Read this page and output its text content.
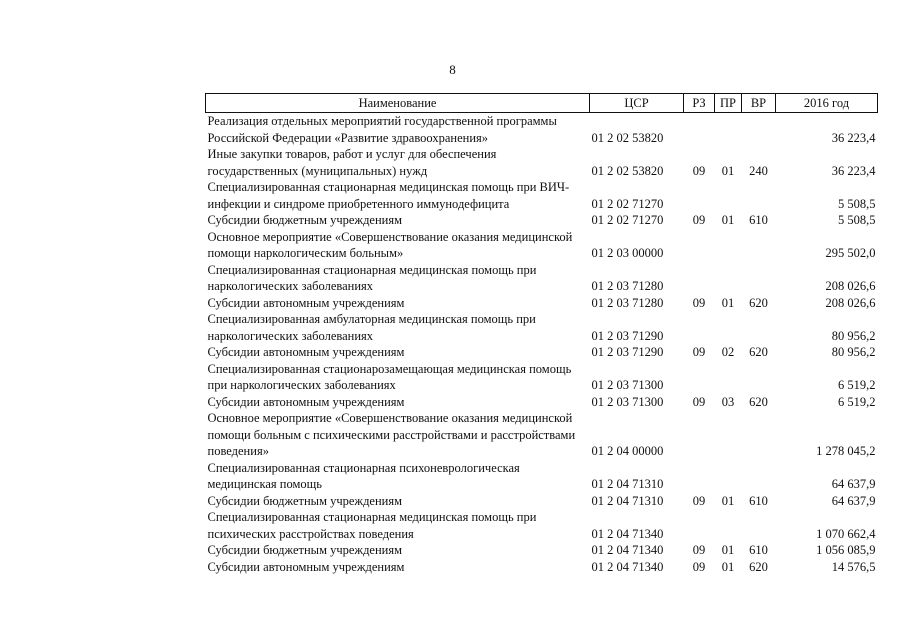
8
Наименование	ЦСР	РЗ	ПР	ВР	2016 год
Реализация отдельных мероприятий государственной программы Российской Федерации «Развитие здравоохранения»	01 2 02 53820				36 223,4
Иные закупки товаров, работ и услуг для обеспечения государственных (муниципальных) нужд	01 2 02 53820	09	01	240	36 223,4
Специализированная стационарная медицинская помощь при ВИЧ-инфекции и синдроме приобретенного иммунодефицита	01 2 02 71270				5 508,5
Субсидии бюджетным учреждениям	01 2 02 71270	09	01	610	5 508,5
Основное мероприятие «Совершенствование оказания медицинской помощи наркологическим больным»	01 2 03 00000				295 502,0
Специализированная стационарная медицинская помощь при наркологических заболеваниях	01 2 03 71280				208 026,6
Субсидии автономным учреждениям	01 2 03 71280	09	01	620	208 026,6
Специализированная амбулаторная медицинская помощь при наркологических заболеваниях	01 2 03 71290				80 956,2
Субсидии автономным учреждениям	01 2 03 71290	09	02	620	80 956,2
Специализированная стационарозамещающая медицинская помощь при наркологических заболеваниях	01 2 03 71300				6 519,2
Субсидии автономным учреждениям	01 2 03 71300	09	03	620	6 519,2
Основное мероприятие «Совершенствование оказания медицинской помощи больным с психическими расстройствами и расстройствами поведения»	01 2 04 00000				1 278 045,2
Специализированная стационарная психоневрологическая медицинская помощь	01 2 04 71310				64 637,9
Субсидии бюджетным учреждениям	01 2 04 71310	09	01	610	64 637,9
Специализированная стационарная медицинская помощь при психических расстройствах поведения	01 2 04 71340				1 070 662,4
Субсидии бюджетным учреждениям	01 2 04 71340	09	01	610	1 056 085,9
Субсидии автономным учреждениям	01 2 04 71340	09	01	620	14 576,5
